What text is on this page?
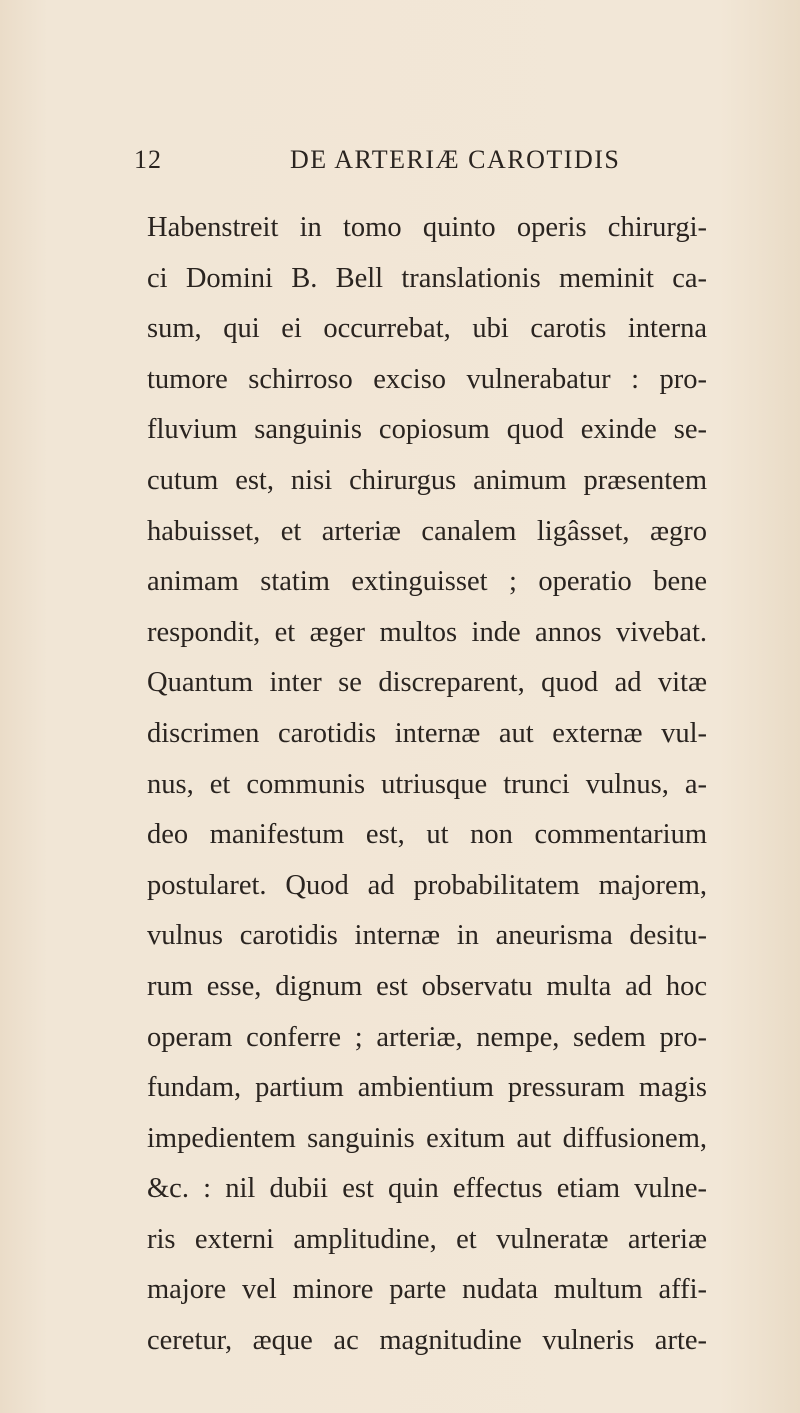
12	DE ARTERIÆ CAROTIDIS
Habenstreit in tomo quinto operis chirurgi-
ci Domini B. Bell translationis meminit ca-
sum, qui ei occurrebat, ubi carotis interna
tumore schirroso exciso vulnerabatur : pro-
fluvium sanguinis copiosum quod exinde se-
cutum est, nisi chirurgus animum præsentem
habuisset, et arteriæ canalem ligâsset, ægro
animam statim extinguisset ; operatio bene
respondit, et æger multos inde annos vivebat.
Quantum inter se discreparent, quod ad vitæ
discrimen carotidis internæ aut externæ vul-
nus, et communis utriusque trunci vulnus, a-
deo manifestum est, ut non commentarium
postularet. Quod ad probabilitatem majorem,
vulnus carotidis internæ in aneurisma desitu-
rum esse, dignum est observatu multa ad hoc
operam conferre ; arteriæ, nempe, sedem pro-
fundam, partium ambientium pressuram magis
impedientem sanguinis exitum aut diffusionem,
&c. : nil dubii est quin effectus etiam vulne-
ris externi amplitudine, et vulneratæ arteriæ
majore vel minore parte nudata multum affi-
ceretur, æque ac magnitudine vulneris arte-
